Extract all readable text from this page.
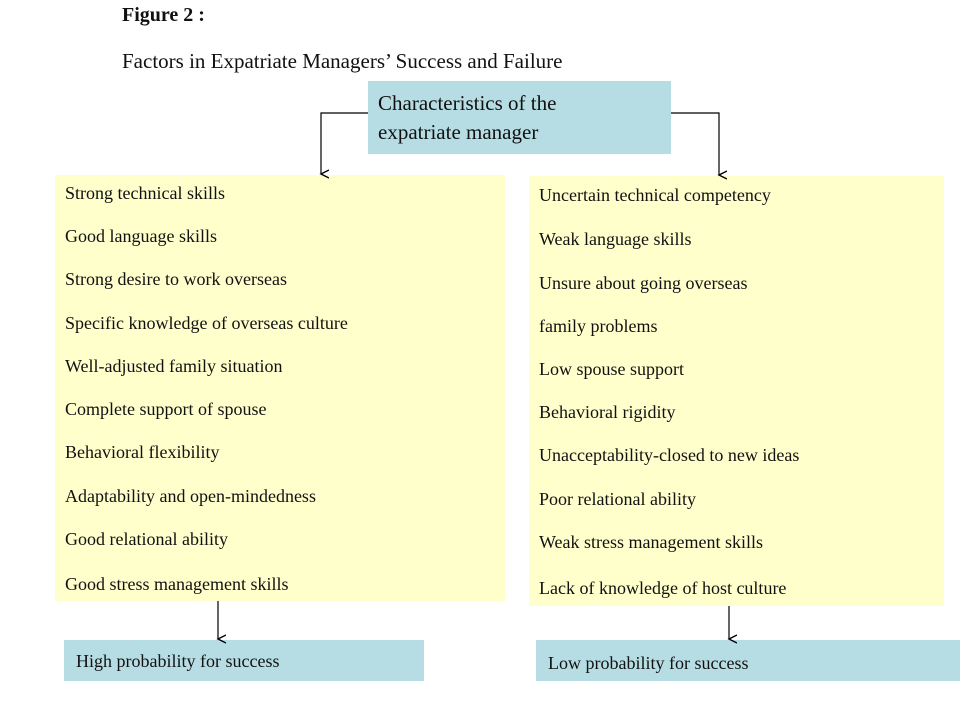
Figure 2 :
Factors in Expatriate Managers’ Success and Failure
Characteristics of the
expatriate manager
Strong technical skills
Good language skills
Strong desire to work overseas
Specific knowledge of overseas culture
Well-adjusted family situation
Complete support of spouse
Behavioral flexibility
Adaptability and open-mindedness
Good relational ability
Good stress management skills
Uncertain technical competency
Weak language skills
Unsure about going overseas
family problems
Low spouse support
Behavioral rigidity
Unacceptability-closed to new ideas
Poor relational ability
Weak stress management skills
Lack of knowledge of host culture
High probability for success	Low probability for success
